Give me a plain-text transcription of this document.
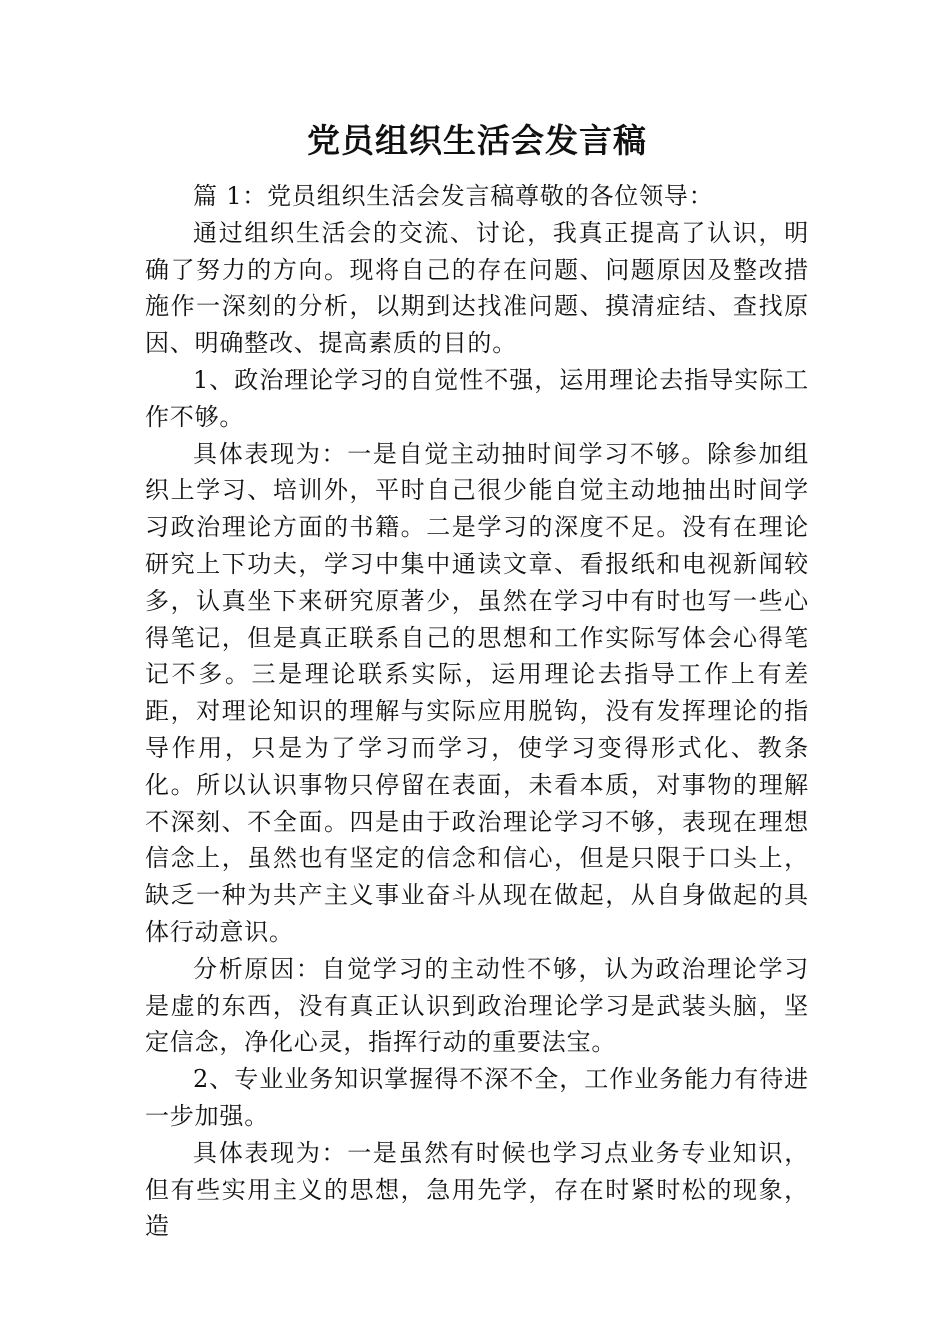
党员组织生活会发言稿

篇 1：党员组织生活会发言稿尊敬的各位领导：

通过组织生活会的交流、讨论，我真正提高了认识，明确了努力的方向。现将自己的存在问题、问题原因及整改措施作一深刻的分析，以期到达找准问题、摸清症结、查找原因、明确整改、提高素质的目的。

1、政治理论学习的自觉性不强，运用理论去指导实际工作不够。

具体表现为：一是自觉主动抽时间学习不够。除参加组织上学习、培训外，平时自己很少能自觉主动地抽出时间学习政治理论方面的书籍。二是学习的深度不足。没有在理论研究上下功夫，学习中集中通读文章、看报纸和电视新闻较多，认真坐下来研究原著少，虽然在学习中有时也写一些心得笔记，但是真正联系自己的思想和工作实际写体会心得笔记不多。三是理论联系实际，运用理论去指导工作上有差距，对理论知识的理解与实际应用脱钩，没有发挥理论的指导作用，只是为了学习而学习，使学习变得形式化、教条化。所以认识事物只停留在表面，未看本质，对事物的理解不深刻、不全面。四是由于政治理论学习不够，表现在理想信念上，虽然也有坚定的信念和信心，但是只限于口头上，缺乏一种为共产主义事业奋斗从现在做起，从自身做起的具体行动意识。

分析原因：自觉学习的主动性不够，认为政治理论学习是虚的东西，没有真正认识到政治理论学习是武装头脑，坚定信念，净化心灵，指挥行动的重要法宝。

2、专业业务知识掌握得不深不全，工作业务能力有待进一步加强。

具体表现为：一是虽然有时候也学习点业务专业知识，但有些实用主义的思想，急用先学，存在时紧时松的现象，造
